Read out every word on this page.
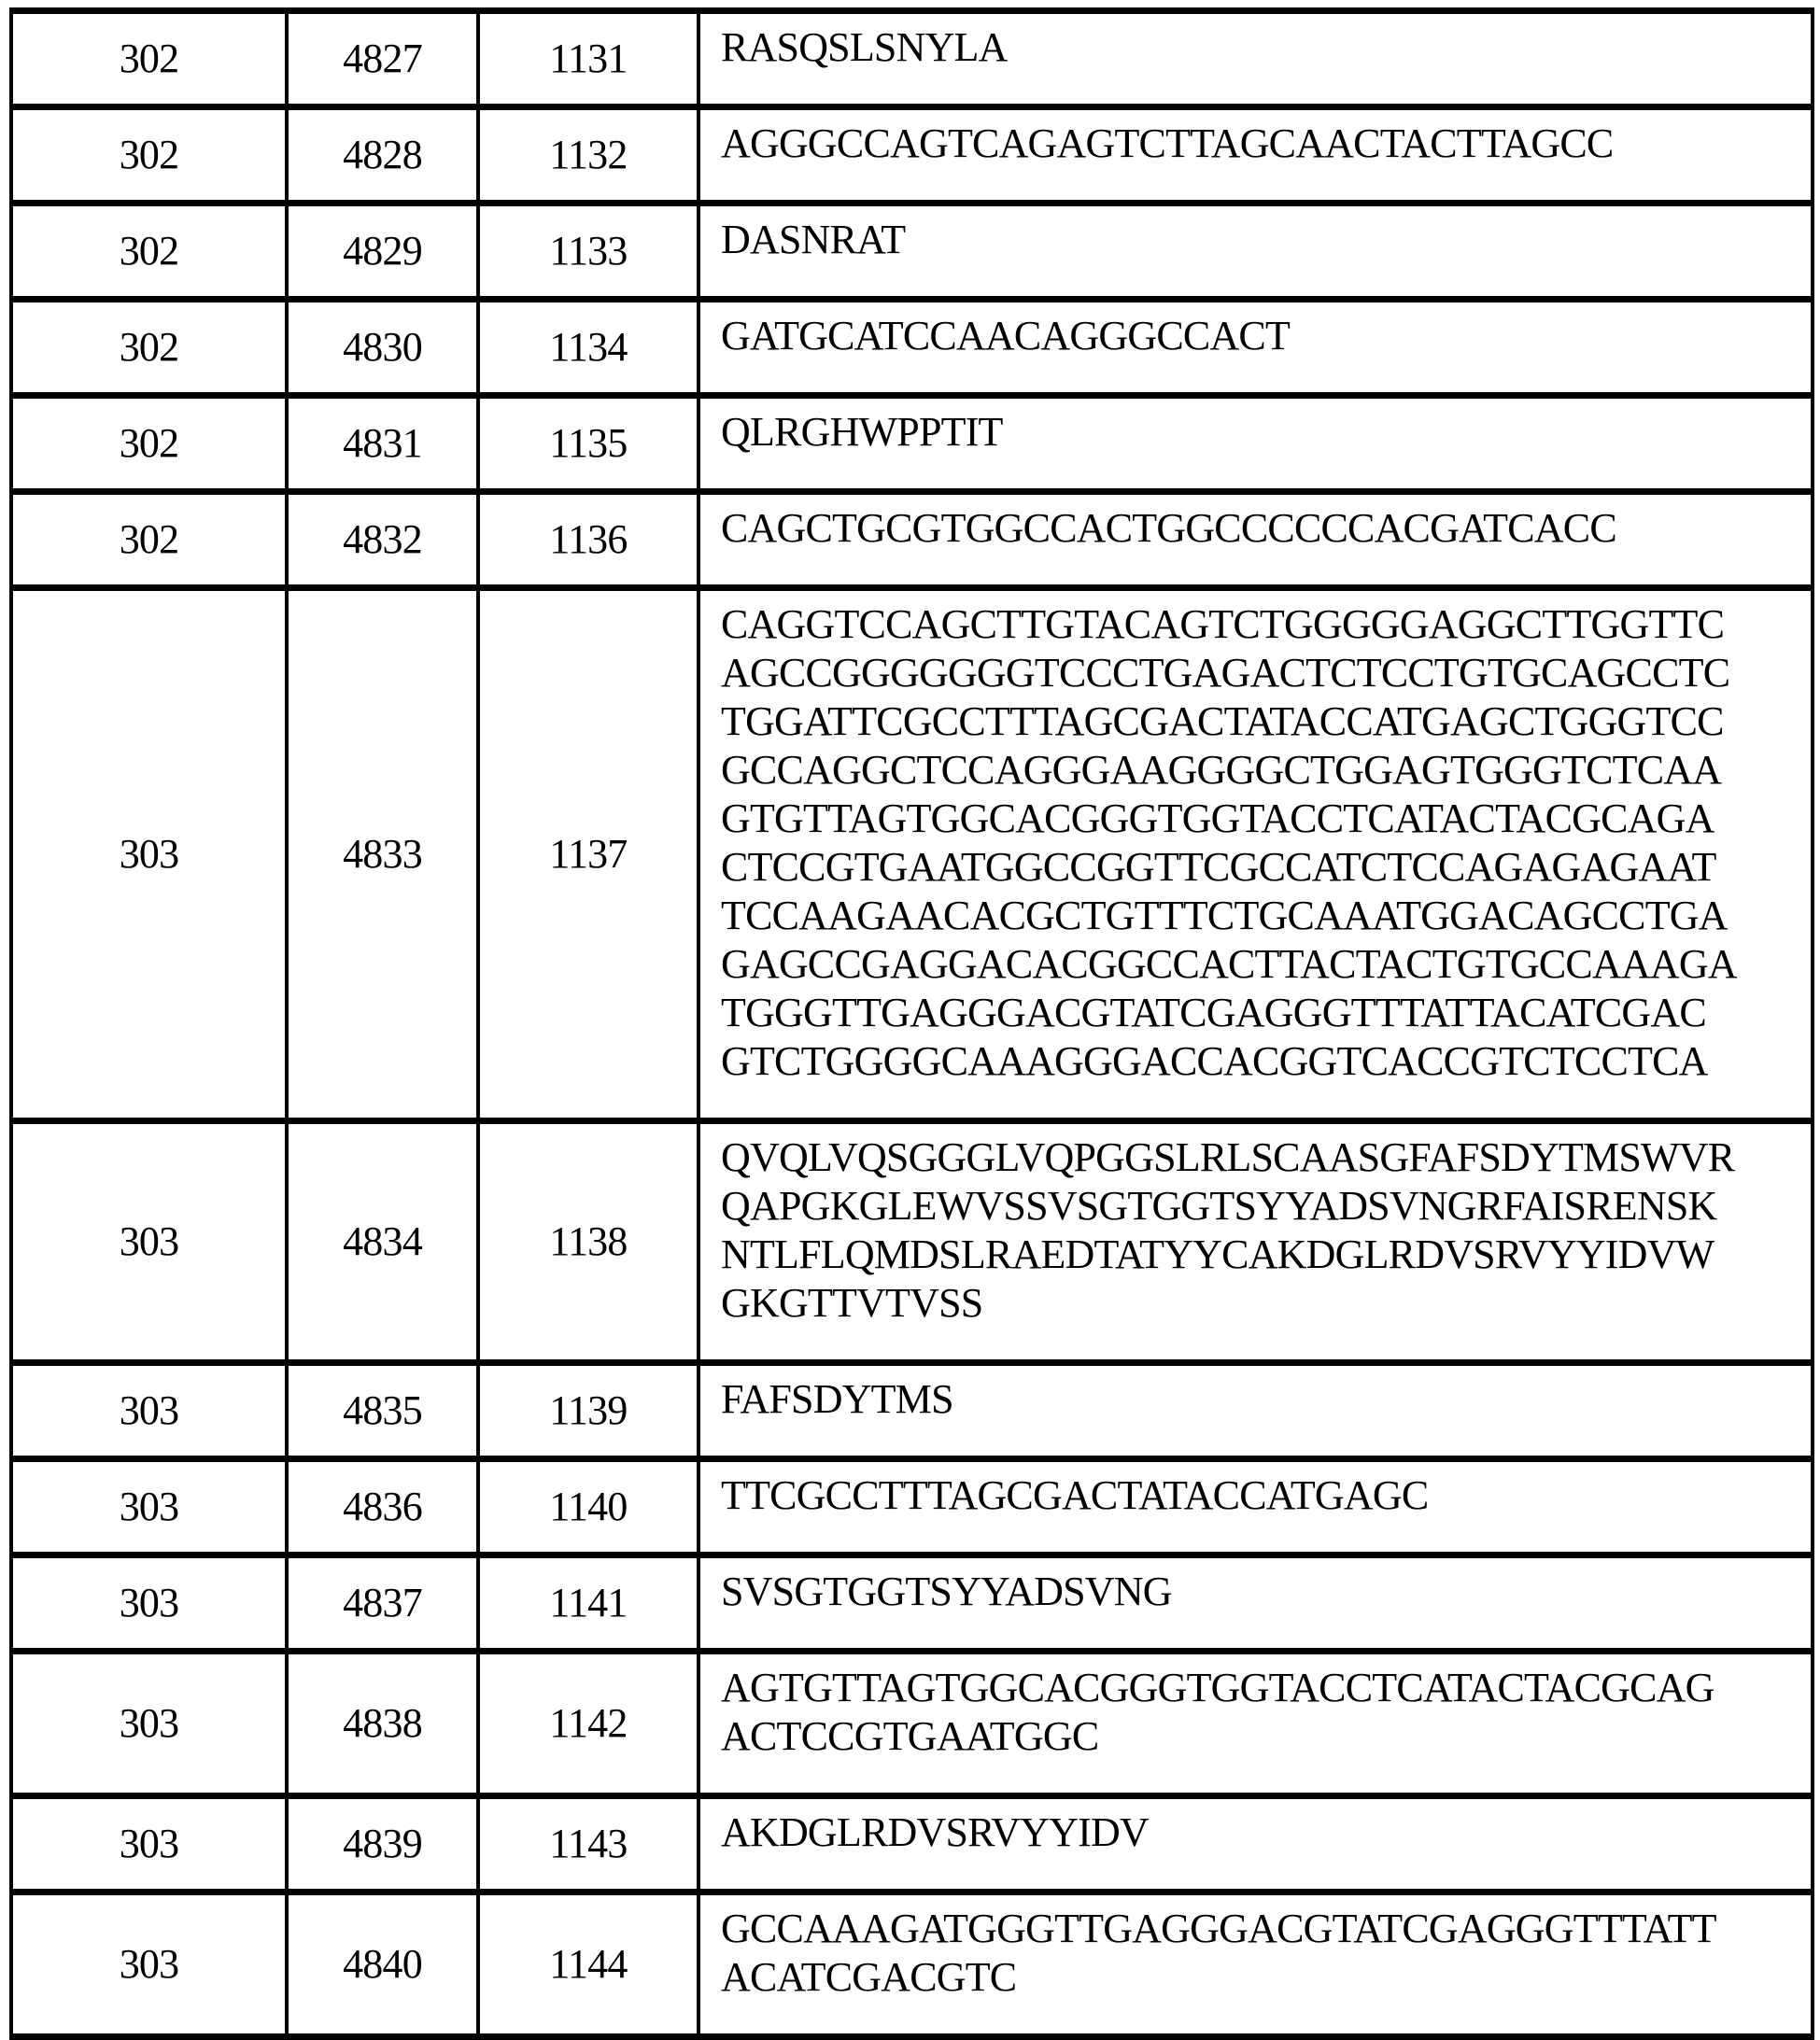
302	4827	1131	RASQSLSNYLA
302	4828	1132	AGGGCCAGTCAGAGTCTTAGCAACTACTTAGCC
302	4829	1133	DASNRAT
302	4830	1134	GATGCATCCAACAGGGCCACT
302	4831	1135	QLRGHWPPTIT
302	4832	1136	CAGCTGCGTGGCCACTGGCCCCCCACGATCACC
303	4833	1137	CAGGTCCAGCTTGTACAGTCTGGGGGAGGCTTGGTTC
AGCCGGGGGGGTCCCTGAGACTCTCCTGTGCAGCCTC
TGGATTCGCCTTTAGCGACTATACCATGAGCTGGGTCC
GCCAGGCTCCAGGGAAGGGGCTGGAGTGGGTCTCAA
GTGTTAGTGGCACGGGTGGTACCTCATACTACGCAGA
CTCCGTGAATGGCCGGTTCGCCATCTCCAGAGAGAAT
TCCAAGAACACGCTGTTTCTGCAAATGGACAGCCTGA
GAGCCGAGGACACGGCCACTTACTACTGTGCCAAAGA
TGGGTTGAGGGACGTATCGAGGGTTTATTACATCGAC
GTCTGGGGCAAAGGGACCACGGTCACCGTCTCCTCA
303	4834	1138	QVQLVQSGGGLVQPGGSLRLSCAASGFAFSDYTMSWVR
QAPGKGLEWVSSVSGTGGTSYYADSVNGRFAISRENSK
NTLFLQMDSLRAEDTATYYCAKDGLRDVSRVYYIDVW
GKGTTVTVSS
303	4835	1139	FAFSDYTMS
303	4836	1140	TTCGCCTTTAGCGACTATACCATGAGC
303	4837	1141	SVSGTGGTSYYADSVNG
303	4838	1142	AGTGTTAGTGGCACGGGTGGTACCTCATACTACGCAG
ACTCCGTGAATGGC
303	4839	1143	AKDGLRDVSRVYYIDV
303	4840	1144	GCCAAAGATGGGTTGAGGGACGTATCGAGGGTTTATT
ACATCGACGTC
